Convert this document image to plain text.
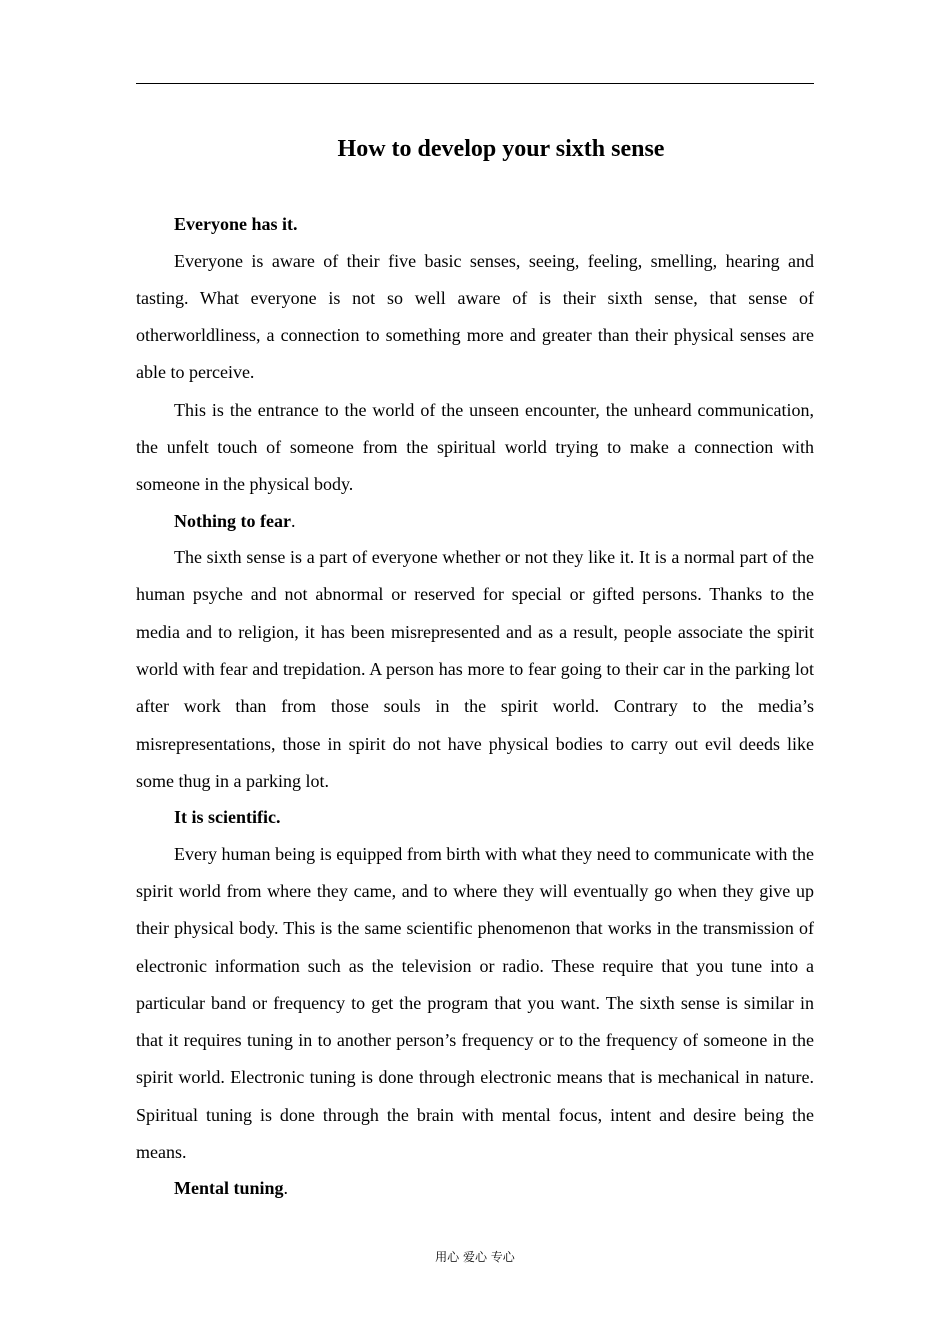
How to develop your sixth sense

Everyone has it.

Everyone is aware of their five basic senses, seeing, feeling, smelling, hearing and tasting. What everyone is not so well aware of is their sixth sense, that sense of otherworldliness, a connection to something more and greater than their physical senses are able to perceive.

This is the entrance to the world of the unseen encounter, the unheard communication, the unfelt touch of someone from the spiritual world trying to make a connection with someone in the physical body.

Nothing to fear.

The sixth sense is a part of everyone whether or not they like it. It is a normal part of the human psyche and not abnormal or reserved for special or gifted persons. Thanks to the media and to religion, it has been misrepresented and as a result, people associate the spirit world with fear and trepidation. A person has more to fear going to their car in the parking lot after work than from those souls in the spirit world. Contrary to the media’s misrepresentations, those in spirit do not have physical bodies to carry out evil deeds like some thug in a parking lot.

It is scientific.

Every human being is equipped from birth with what they need to communicate with the spirit world from where they came, and to where they will eventually go when they give up their physical body. This is the same scientific phenomenon that works in the transmission of electronic information such as the television or radio. These require that you tune into a particular band or frequency to get the program that you want. The sixth sense is similar in that it requires tuning in to another person’s frequency or to the frequency of someone in the spirit world. Electronic tuning is done through electronic means that is mechanical in nature. Spiritual tuning is done through the brain with mental focus, intent and desire being the means.

Mental tuning.

用心 爱心 专心
